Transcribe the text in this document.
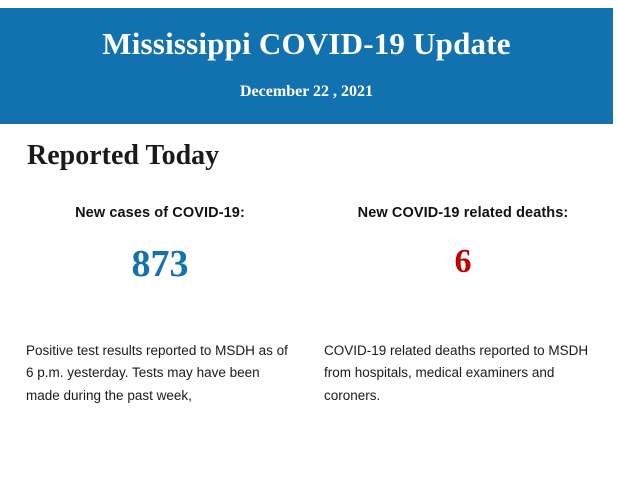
Mississippi COVID-19 Update
December 22 , 2021
Reported Today
New cases of COVID-19:
873
New COVID-19 related deaths:
6
Positive test results reported to MSDH as of 6 p.m. yesterday. Tests may have been made during the past week,
COVID-19 related deaths reported to MSDH from hospitals, medical examiners and coroners.
